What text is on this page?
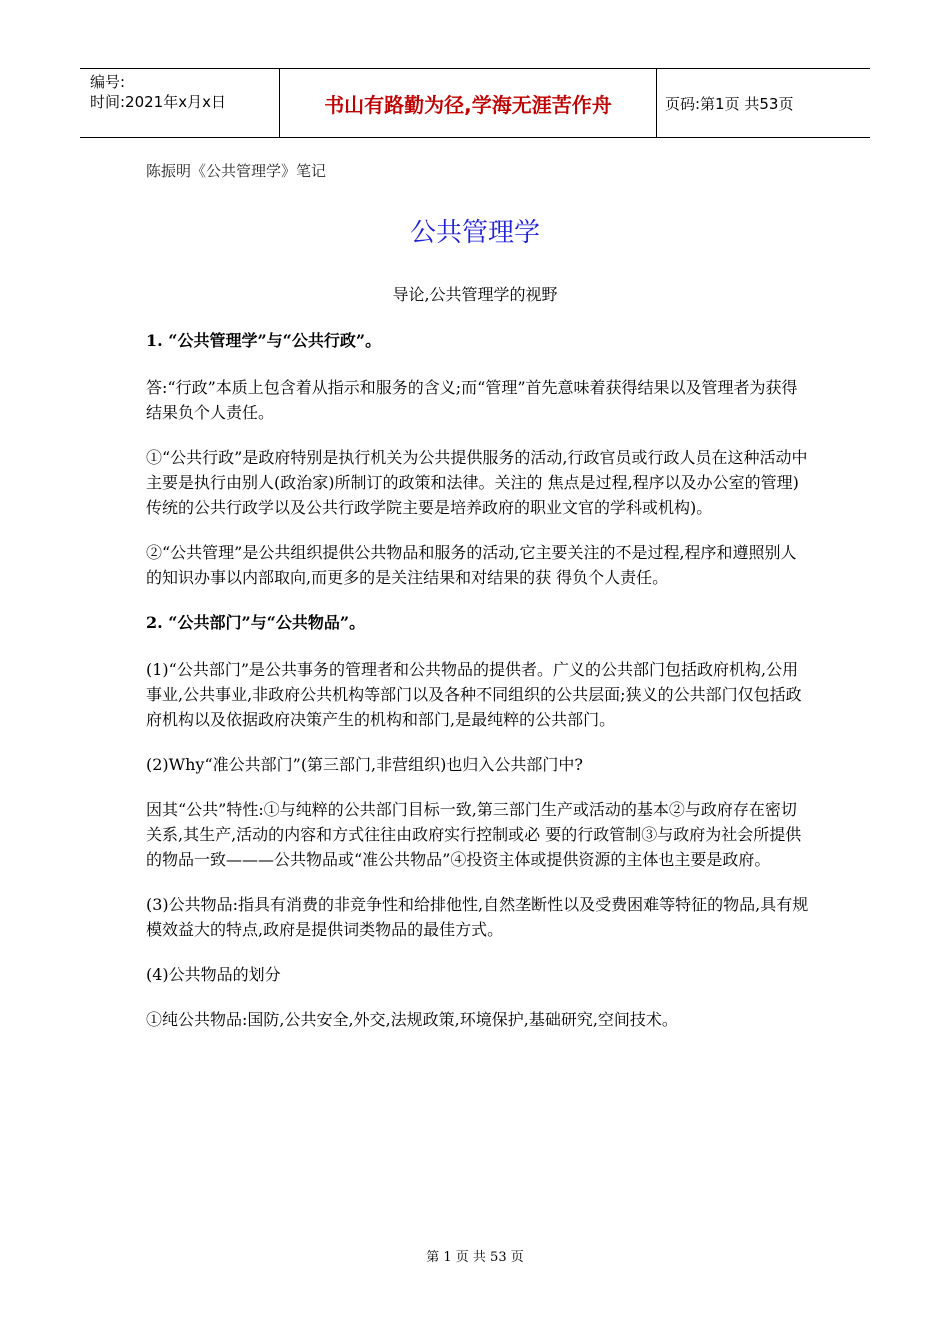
编号:
时间:2021年x月x日	书山有路勤为径,学海无涯苦作舟	页码:第1页 共53页
陈振明《公共管理学》笔记
公共管理学
导论,公共管理学的视野
1. “公共管理学”与“公共行政”。

答:“行政”本质上包含着从指示和服务的含义;而“管理”首先意味着获得结果以及管理者为获得结果负个人责任。

①“公共行政”是政府特别是执行机关为公共提供服务的活动,行政官员或行政人员在这种活动中主要是执行由别人(政治家)所制订的政策和法律。关注的 焦点是过程,程序以及办公室的管理)传统的公共行政学以及公共行政学院主要是培养政府的职业文官的学科或机构)。

②“公共管理”是公共组织提供公共物品和服务的活动,它主要关注的不是过程,程序和遵照别人的知识办事以内部取向,而更多的是关注结果和对结果的获 得负个人责任。

2. “公共部门”与“公共物品”。

(1)“公共部门”是公共事务的管理者和公共物品的提供者。广义的公共部门包括政府机构,公用事业,公共事业,非政府公共机构等部门以及各种不同组织的公共层面;狭义的公共部门仅包括政府机构以及依据政府决策产生的机构和部门,是最纯粹的公共部门。

(2)Why“准公共部门”(第三部门,非营组织)也归入公共部门中?

因其“公共”特性:①与纯粹的公共部门目标一致,第三部门生产或活动的基本②与政府存在密切关系,其生产,活动的内容和方式往往由政府实行控制或必 要的行政管制③与政府为社会所提供的物品一致———公共物品或“准公共物品”④投资主体或提供资源的主体也主要是政府。

(3)公共物品:指具有消费的非竞争性和给排他性,自然垄断性以及受费困难等特征的物品,具有规模效益大的特点,政府是提供词类物品的最佳方式。

(4)公共物品的划分

①纯公共物品:国防,公共安全,外交,法规政策,环境保护,基础研究,空间技术。

第 1 页 共 53 页
